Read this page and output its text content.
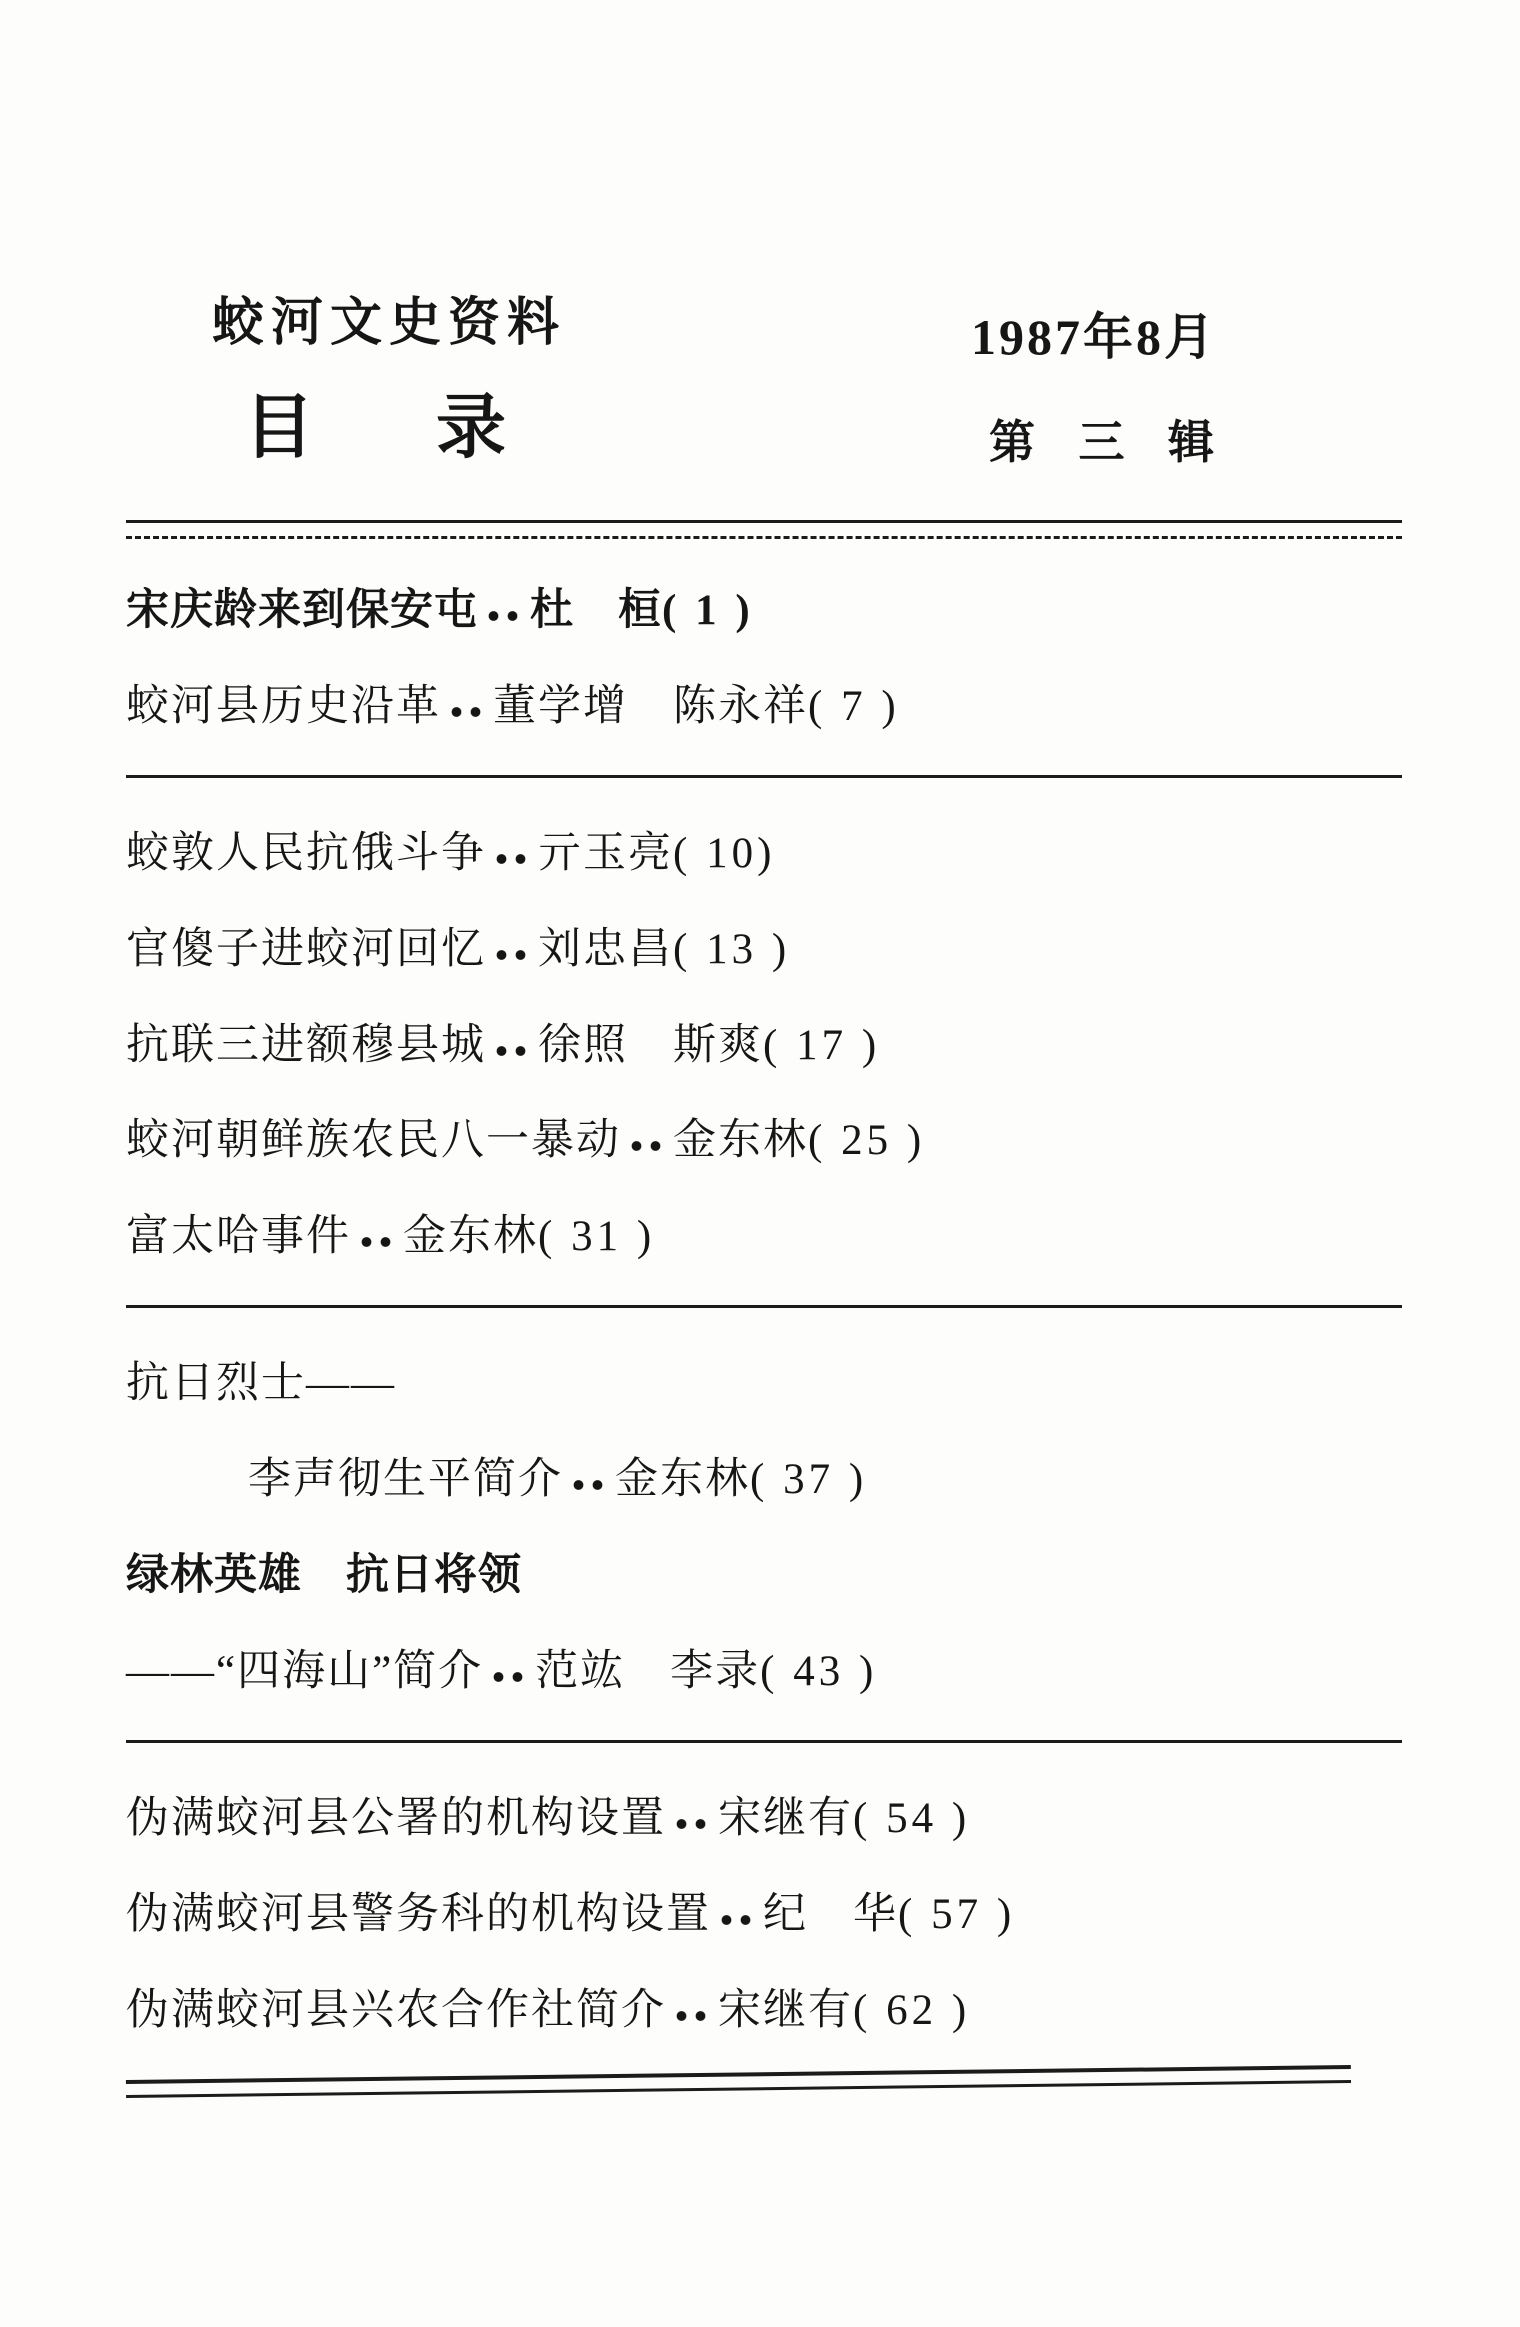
蛟河文史资料
目　录
1987年8月
第 三 辑
宋庆龄来到保安屯 杜　桓 ( 1 )
蛟河县历史沿革 董学增　陈永祥 ( 7 )
蛟敦人民抗俄斗争 亓玉亮 ( 10)
官傻子进蛟河回忆 刘忠昌 ( 13 )
抗联三进额穆县城 徐照　斯爽 ( 17 )
蛟河朝鲜族农民八一暴动 金东林 ( 25 )
富太哈事件 金东林 ( 31 )
抗日烈士——
李声彻生平简介 金东林 ( 37 )
绿林英雄　抗日将领
——“四海山”简介 范竑　李录 ( 43 )
伪满蛟河县公署的机构设置 宋继有 ( 54 )
伪满蛟河县警务科的机构设置 纪　华 ( 57 )
伪满蛟河县兴农合作社简介 宋继有 ( 62 )
